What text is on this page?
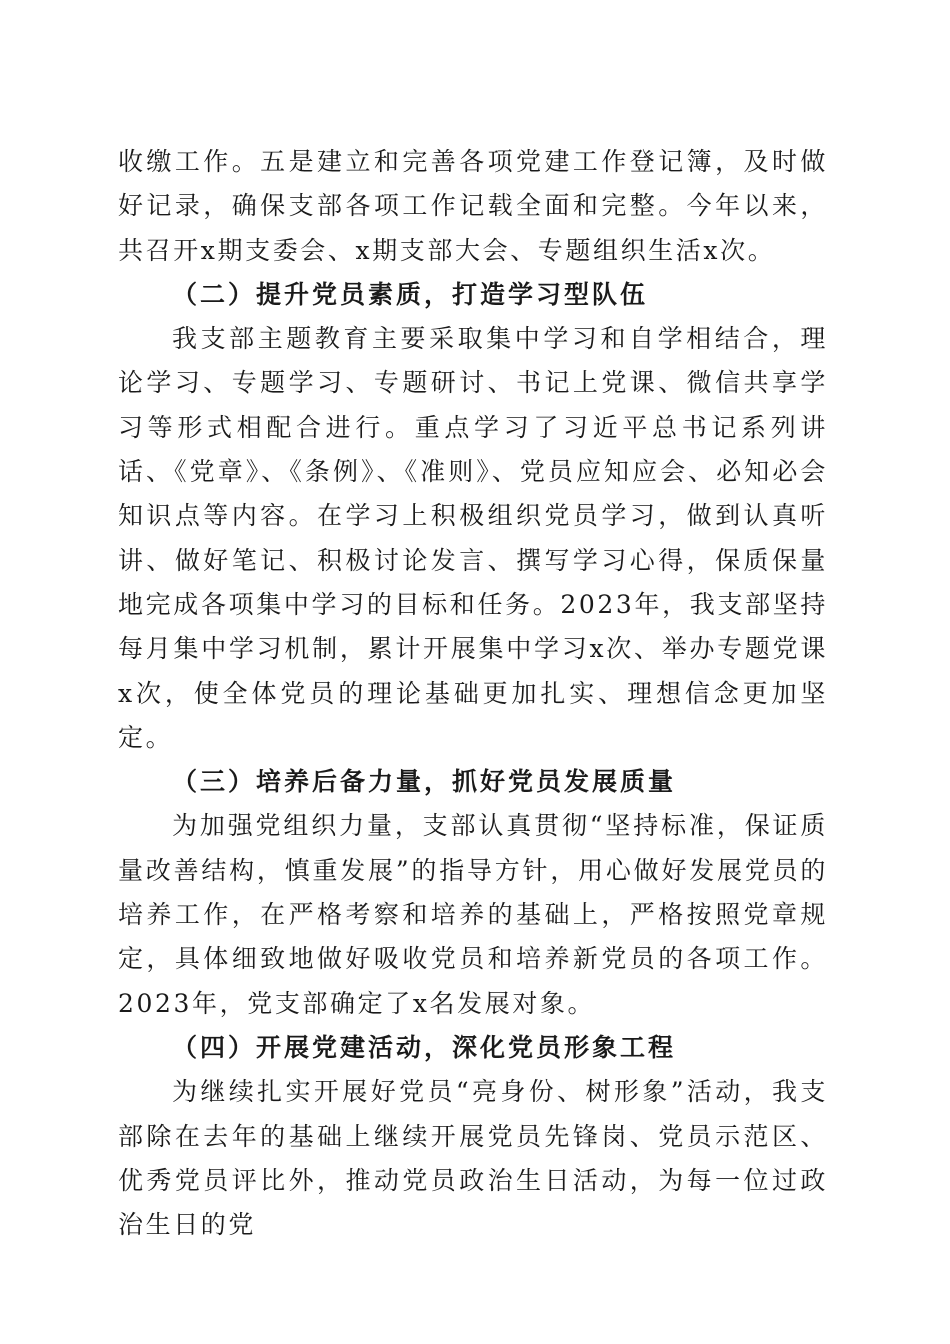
收缴工作。五是建立和完善各项党建工作登记簿，及时做好记录，确保支部各项工作记载全面和完整。今年以来，共召开x期支委会、x期支部大会、专题组织生活x次。

（二）提升党员素质，打造学习型队伍

我支部主题教育主要采取集中学习和自学相结合，理论学习、专题学习、专题研讨、书记上党课、微信共享学习等形式相配合进行。重点学习了习近平总书记系列讲话、《党章》、《条例》、《准则》、党员应知应会、必知必会知识点等内容。在学习上积极组织党员学习，做到认真听讲、做好笔记、积极讨论发言、撰写学习心得，保质保量地完成各项集中学习的目标和任务。2023年，我支部坚持每月集中学习机制，累计开展集中学习x次、举办专题党课x次，使全体党员的理论基础更加扎实、理想信念更加坚定。

（三）培养后备力量，抓好党员发展质量

为加强党组织力量，支部认真贯彻“坚持标准，保证质量改善结构，慎重发展”的指导方针，用心做好发展党员的培养工作，在严格考察和培养的基础上，严格按照党章规定，具体细致地做好吸收党员和培养新党员的各项工作。2023年，党支部确定了x名发展对象。

（四）开展党建活动，深化党员形象工程

为继续扎实开展好党员“亮身份、树形象”活动，我支部除在去年的基础上继续开展党员先锋岗、党员示范区、优秀党员评比外，推动党员政治生日活动，为每一位过政治生日的党
